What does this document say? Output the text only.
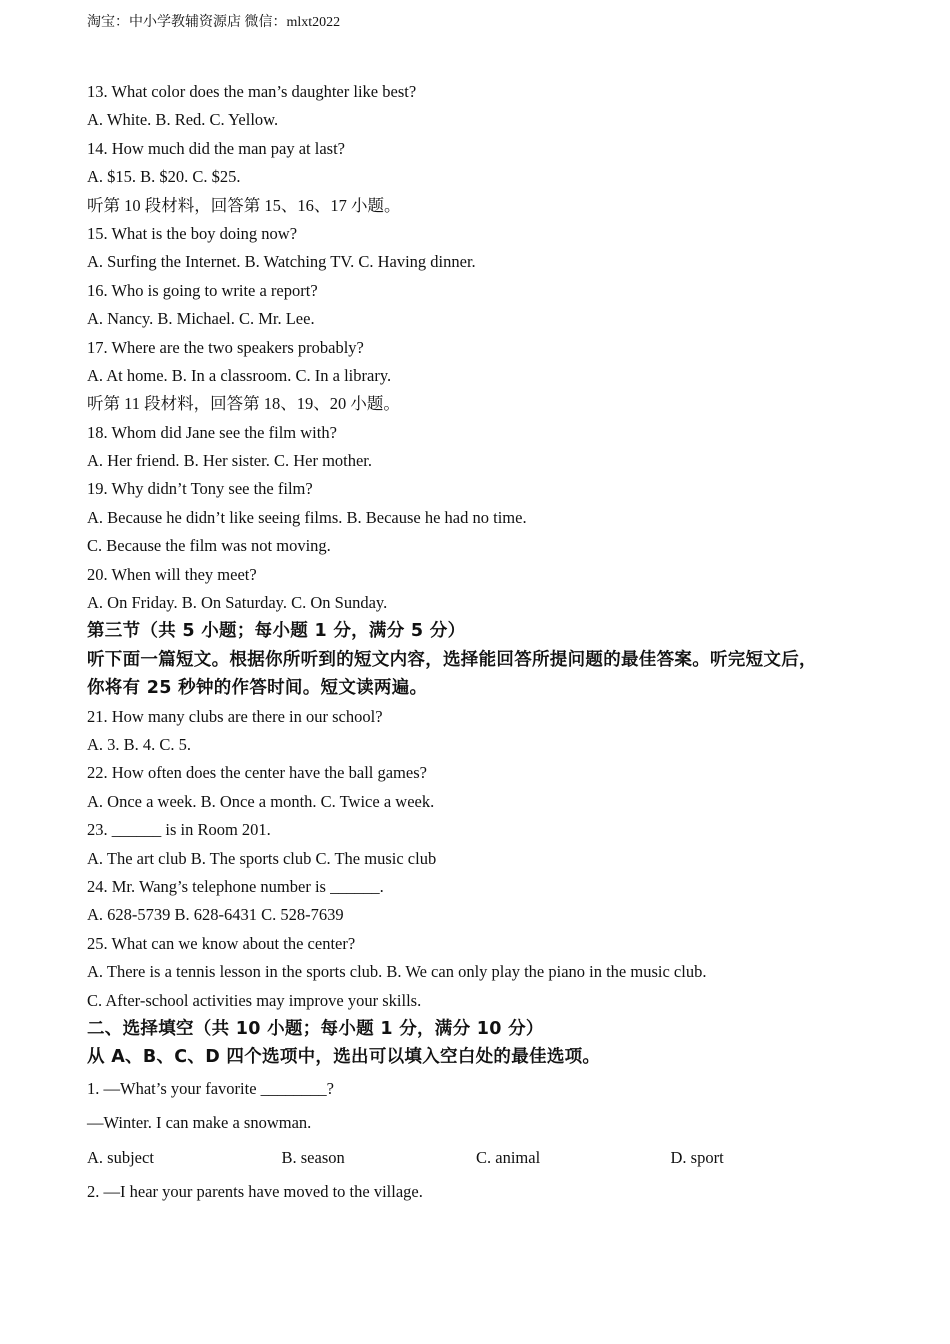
淘宝：中小学教辅资源店 微信：mlxt2022
13. What color does the man’s daughter like best?
A. White. B. Red. C. Yellow.
14. How much did the man pay at last?
A. $15. B. $20. C. $25.
听第 10 段材料，回答第 15、16、17 小题。
15. What is the boy doing now?
A. Surfing the Internet. B. Watching TV. C. Having dinner.
16. Who is going to write a report?
A. Nancy. B. Michael. C. Mr. Lee.
17. Where are the two speakers probably?
A. At home. B. In a classroom. C. In a library.
听第 11 段材料，回答第 18、19、20 小题。
18. Whom did Jane see the film with?
A. Her friend. B. Her sister. C. Her mother.
19. Why didn’t Tony see the film?
A. Because he didn’t like seeing films. B. Because he had no time.
C. Because the film was not moving.
20. When will they meet?
A. On Friday. B. On Saturday. C. On Sunday.
第三节（共 5 小题；每小题 1 分，满分 5 分）
听下面一篇短文。根据你所听到的短文内容，选择能回答所提问题的最佳答案。听完短文后，
你将有 25 秒钟的作答时间。短文读两遍。
21. How many clubs are there in our school?
A. 3. B. 4. C. 5.
22. How often does the center have the ball games?
A. Once a week. B. Once a month. C. Twice a week.
23. ______ is in Room 201.
A. The art club B. The sports club C. The music club
24. Mr. Wang’s telephone number is ______.
A. 628-5739 B. 628-6431 C. 528-7639
25. What can we know about the center?
A. There is a tennis lesson in the sports club. B. We can only play the piano in the music club.
C. After-school activities may improve your skills.
二、选择填空（共 10 小题；每小题 1 分，满分 10 分）
从 A、B、C、D 四个选项中，选出可以填入空白处的最佳选项。
1. —What’s your favorite ________?
—Winter. I can make a snowman.
A. subject	B. season	C. animal	D. sport
2. —I hear your parents have moved to the village.
